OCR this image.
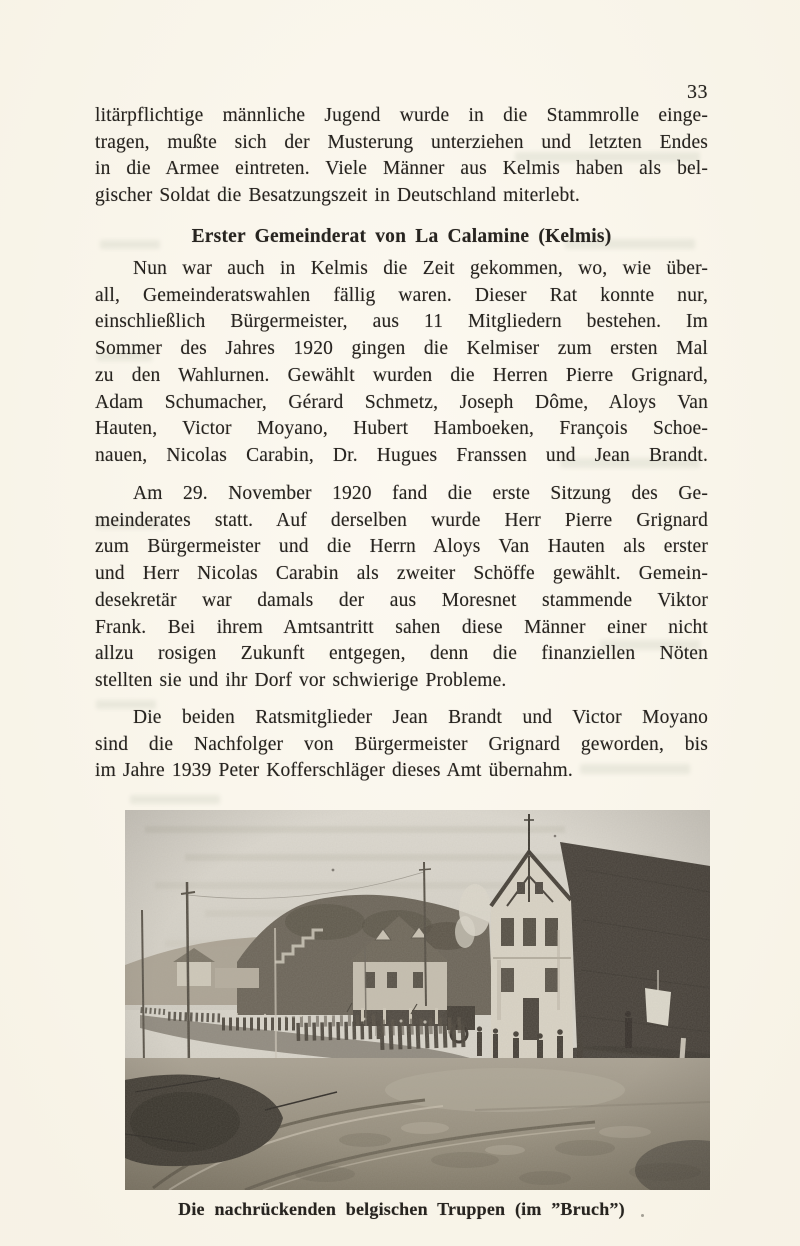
33
litärpflichtige männliche Jugend wurde in die Stammrolle einge-
tragen, mußte sich der Musterung unterziehen und letzten Endes
in die Armee eintreten. Viele Männer aus Kelmis haben als bel-
gischer Soldat die Besatzungszeit in Deutschland miterlebt.
Erster Gemeinderat von La Calamine (Kelmis)
Nun war auch in Kelmis die Zeit gekommen, wo, wie über-
all, Gemeinderatswahlen fällig waren. Dieser Rat konnte nur,
einschließlich Bürgermeister, aus 11 Mitgliedern bestehen. Im
Sommer des Jahres 1920 gingen die Kelmiser zum ersten Mal
zu den Wahlurnen. Gewählt wurden die Herren Pierre Grignard,
Adam Schumacher, Gérard Schmetz, Joseph Dôme, Aloys Van
Hauten, Victor Moyano, Hubert Hamboeken, François Schoe-
nauen, Nicolas Carabin, Dr. Hugues Franssen und Jean Brandt.
Am 29. November 1920 fand die erste Sitzung des Ge-
meinderates statt. Auf derselben wurde Herr Pierre Grignard
zum Bürgermeister und die Herrn Aloys Van Hauten als erster
und Herr Nicolas Carabin als zweiter Schöffe gewählt. Gemein-
desekretär war damals der aus Moresnet stammende Viktor
Frank. Bei ihrem Amtsantritt sahen diese Männer einer nicht
allzu rosigen Zukunft entgegen, denn die finanziellen Nöten
stellten sie und ihr Dorf vor schwierige Probleme.
Die beiden Ratsmitglieder Jean Brandt und Victor Moyano
sind die Nachfolger von Bürgermeister Grignard geworden, bis
im Jahre 1939 Peter Kofferschläger dieses Amt übernahm.
Die nachrückenden belgischen Truppen (im ”Bruch”)
